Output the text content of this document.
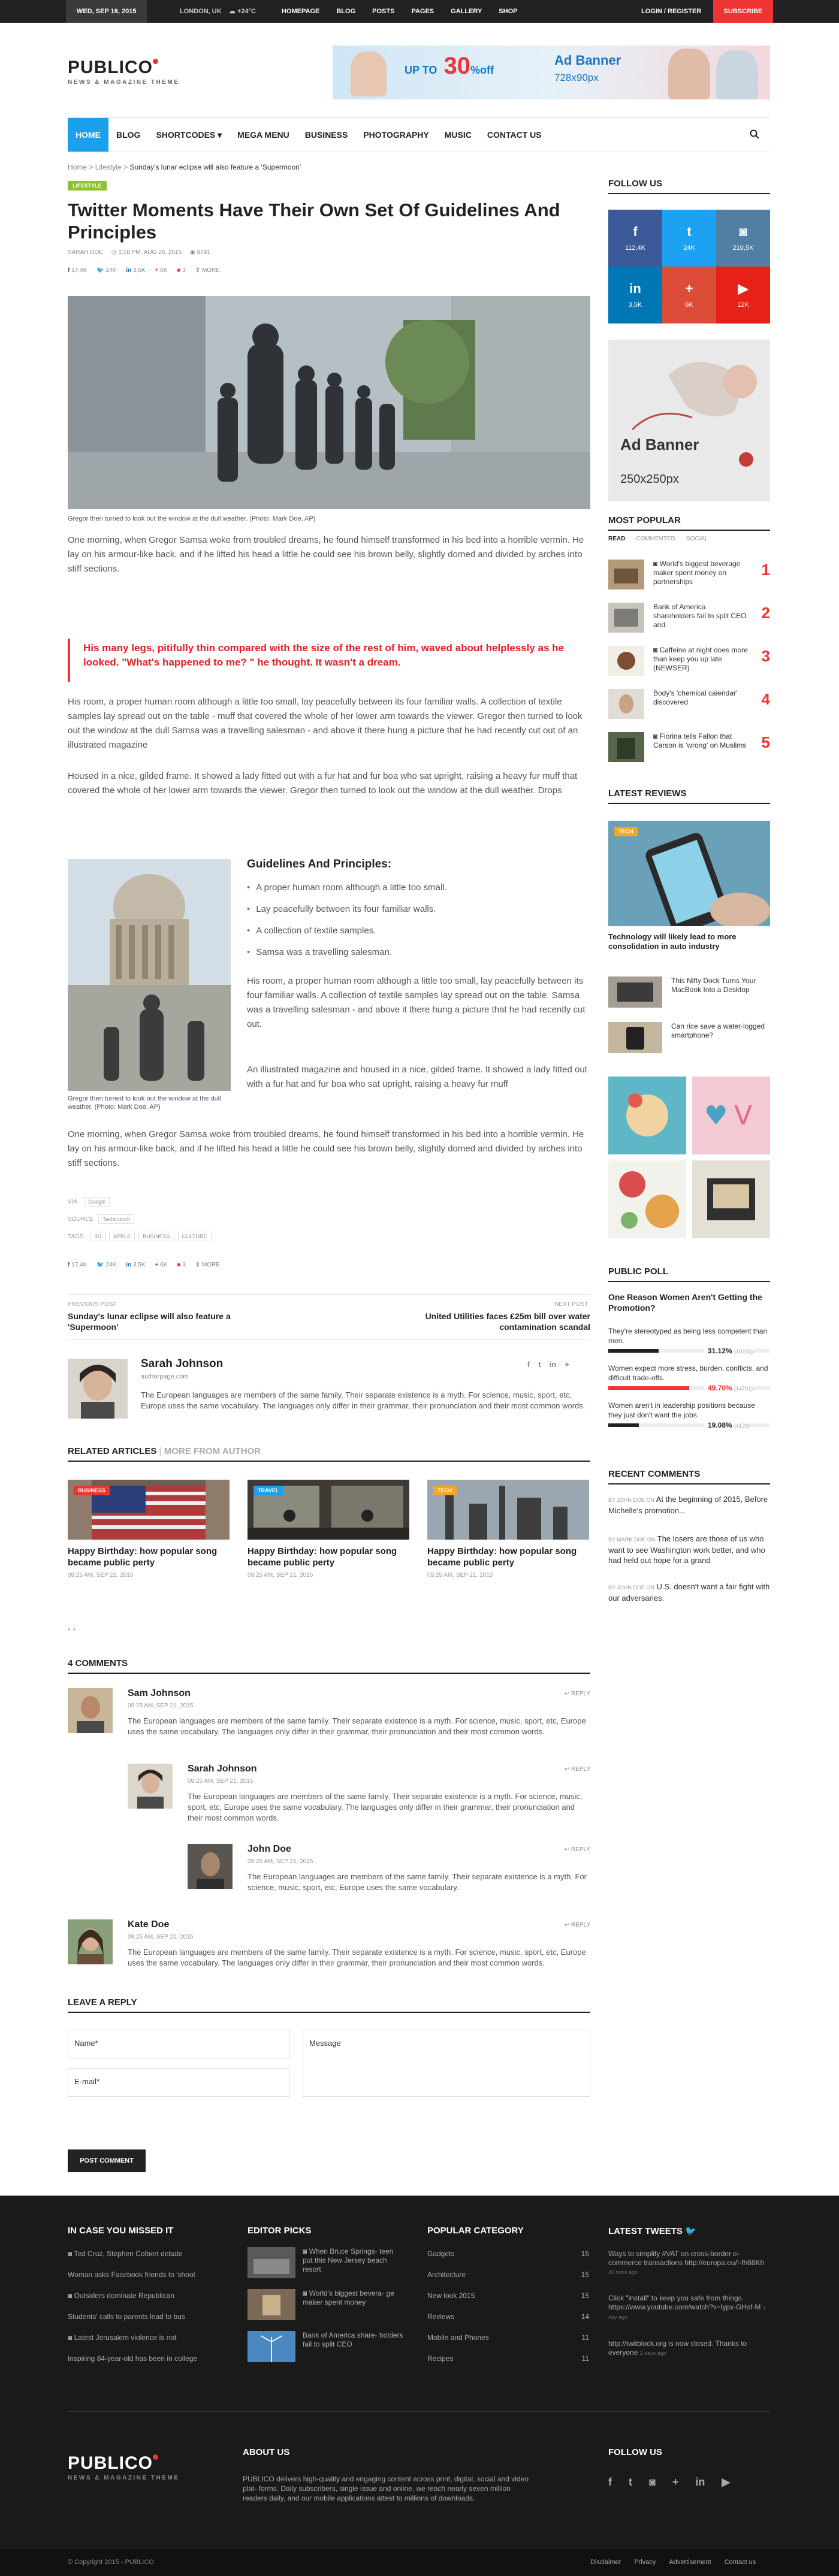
WED, SEP 16, 2015	LONDON, UK ☁ +24°C	HOMEPAGE	BLOG	POSTS	PAGES	GALLERY	SHOP	LOGIN / REGISTER	SUBSCRIBE
PUBLICO
NEWS & MAGAZINE THEME
UP TO 30%off
Ad Banner
728x90px
HOME	BLOG	SHORTCODES ▾	MEGA MENU	BUSINESS	PHOTOGRAPHY	MUSIC	CONTACT US
Home > Lifestyle > Sunday's lunar eclipse will also feature a 'Supermoon'
LIFESTYLE
Twitter Moments Have Their Own Set Of Guidelines And Principles
SARAH DOE ◷ 1:10 PM, AUG 28, 2015 ◉ 8791
f 17,4K 🐦 24K in 3,5K + 6K ■ 3 ⇪ MORE
Gregor then turned to look out the window at the dull weather. (Photo: Mark Doe, AP)

One morning, when Gregor Samsa woke from troubled dreams, he found himself transformed in his bed into a horrible vermin. He lay on his armour-like back, and if he lifted his head a little he could see his brown belly, slightly domed and divided by arches into stiff sections.

His many legs, pitifully thin compared with the size of the rest of him, waved about helplessly as he looked. "What's happened to me? " he thought. It wasn't a dream.

His room, a proper human room although a little too small, lay peacefully between its four familiar walls. A collection of textile samples lay spread out on the table - muff that covered the whole of her lower arm towards the viewer. Gregor then turned to look out the window at the dull Samsa was a travelling salesman - and above it there hung a picture that he had recently cut out of an illustrated magazine

Housed in a nice, gilded frame. It showed a lady fitted out with a fur hat and fur boa who sat upright, raising a heavy fur muff that covered the whole of her lower arm towards the viewer. Gregor then turned to look out the window at the dull weather. Drops

Gregor then turned to look out the window at the dull weather. (Photo: Mark Doe, AP)
Guidelines And Principles:
• A proper human room although a little too small.
• Lay peacefully between its four familiar walls.
• A collection of textile samples.
• Samsa was a travelling salesman.

His room, a proper human room although a little too small, lay peacefully between its four familiar walls. A collection of textile samples lay spread out on the table. Samsa was a travelling salesman - and above it there hung a picture that he had recently cut out.

An illustrated magazine and housed in a nice, gilded frame. It showed a lady fitted out with a fur hat and fur boa who sat upright, raising a heavy fur muff

One morning, when Gregor Samsa woke from troubled dreams, he found himself transformed in his bed into a horrible vermin. He lay on his armour-like back, and if he lifted his head a little he could see his brown belly, slightly domed and divided by arches into stiff sections.

VIA Google
SOURCE Techcrunch
TAGS 3D APPLE BUSINESS CULTURE
f 17,4K 🐦 24K in 3,5K + 6K ■ 3 ⇪ MORE
PREVIOUS POST
Sunday's lunar eclipse will also feature a 'Supermoon'
NEXT POST
United Utilities faces £25m bill over water contamination scandal
Sarah Johnson
authorpage.com
f t in +

The European languages are members of the same family. Their separate existence is a myth. For science, music, sport, etc, Europe uses the same vocabulary. The languages only differ in their grammar, their pronunciation and their most common words.

RELATED ARTICLES | MORE FROM AUTHOR
BUSINESS
Happy Birthday: how popular song became public perty
09:25 AM, SEP 21, 2015
TRAVEL
Happy Birthday: how popular song became public perty
09:25 AM, SEP 21, 2015
TECH
Happy Birthday: how popular song became public perty
09:25 AM, SEP 21, 2015
‹ ›
4 COMMENTS
Sam Johnson
09:25 AM, SEP 21, 2015
The European languages are members of the same family. Their separate existence is a myth. For science, music, sport, etc, Europe uses the same vocabulary. The languages only differ in their grammar, their pronunciation and their most common words.
↩ REPLY
Sarah Johnson
09:25 AM, SEP 21, 2015
The European languages are members of the same family. Their separate existence is a myth. For science, music, sport, etc, Europe uses the same vocabulary. The languages only differ in their grammar, their pronunciation and their most common words.
↩ REPLY
John Doe
09:25 AM, SEP 21, 2015
The European languages are members of the same family. Their separate existence is a myth. For science, music, sport, etc, Europe uses the same vocabulary.
↩ REPLY
Kate Doe
09:25 AM, SEP 21, 2015
The European languages are members of the same family. Their separate existence is a myth. For science, music, sport, etc, Europe uses the same vocabulary. The languages only differ in their grammar, their pronunciation and their most common words.
↩ REPLY
LEAVE A REPLY
Name*
E-mail*
Message
POST COMMENT
FOLLOW US
f
112,4K
t
24K
◙
210,5K
in
3,5K
+
6K
▶
12K
Ad Banner
250x250px
MOST POPULAR
READ COMMENTED SOCIAL
◙ World's biggest beverage maker spent money on partnerships
1
Bank of America shareholders fail to split CEO and
2
◙ Caffeine at night does more than keep you up late (NEWSER)
3
Body's 'chemical calendar' discovered	4
◙ Fiorina tells Fallon that Carson is 'wrong' on Muslims 5
LATEST REVIEWS
TECH
Technology will likely lead to more consolidation in auto industry
This Nifty Dock Turns Your MacBook Into a Desktop
Can rice save a water-logged smartphone?
♥ V
PUBLIC POLL
One Reason Women Aren't Getting the Promotion?
They're stereotyped as being less competent than men.
31.12% (10231)
Women expect more stress, burden, conflicts, and difficult trade-offs.
49.70% (14701)
Women aren't in leadership positions because they just don't want the jobs.
19.08% (4129)
RECENT COMMENTS
BY JOHN DOE ON At the beginning of 2015, Before Michelle's promotion...
BY MARK DOE ON The losers are those of us who want to see Washington work better, and who had held out hope for a grand
BY JOHN DOE ON U.S. doesn't want a fair fight with our adversaries.
IN CASE YOU MISSED IT
◙ Ted Cruz, Stephen Colbert debate
Woman asks Facebook friends to 'shoot
◙ Outsiders dominate Republican
Students' calls to parents lead to bus
◙ Latest Jerusalem violence is not
Inspiring 84-year-old has been in college
EDITOR PICKS
◙ When Bruce Springs- teen put this New Jersey beach resort
◙ World's biggest bevera- ge maker spent money
Bank of America share- holders fail to split CEO
POPULAR CATEGORY
Gadgets	15
Architecture	15
New look 2015	15
Reviews	14
Mobile and Phones	11
Recipes	11
LATEST TWEETS 🐦
Ways to simplify #VAT on cross-border e-commerce transactions http://europa.eu/!-fh68Kh 40 mins ago
Click "install" to keep you safe from things. https://www.youtube.com/watch?v=lypx-GHsf-M a day ago
http://twitblock.org is now closed. Thanks to everyone 2 days ago
PUBLICO
NEWS & MAGAZINE THEME
ABOUT US
PUBLICO delivers high-quality and engaging content across print, digital, social and video plat- forms. Daily subscribers, single issue and online, we reach nearly seven million readers daily, and our mobile applications attest to millions of downloads.
FOLLOW US
f t ◙ + in ▶
© Copyright 2015 - PUBLICO	Disclaimer Privacy Advertisement Contact us
